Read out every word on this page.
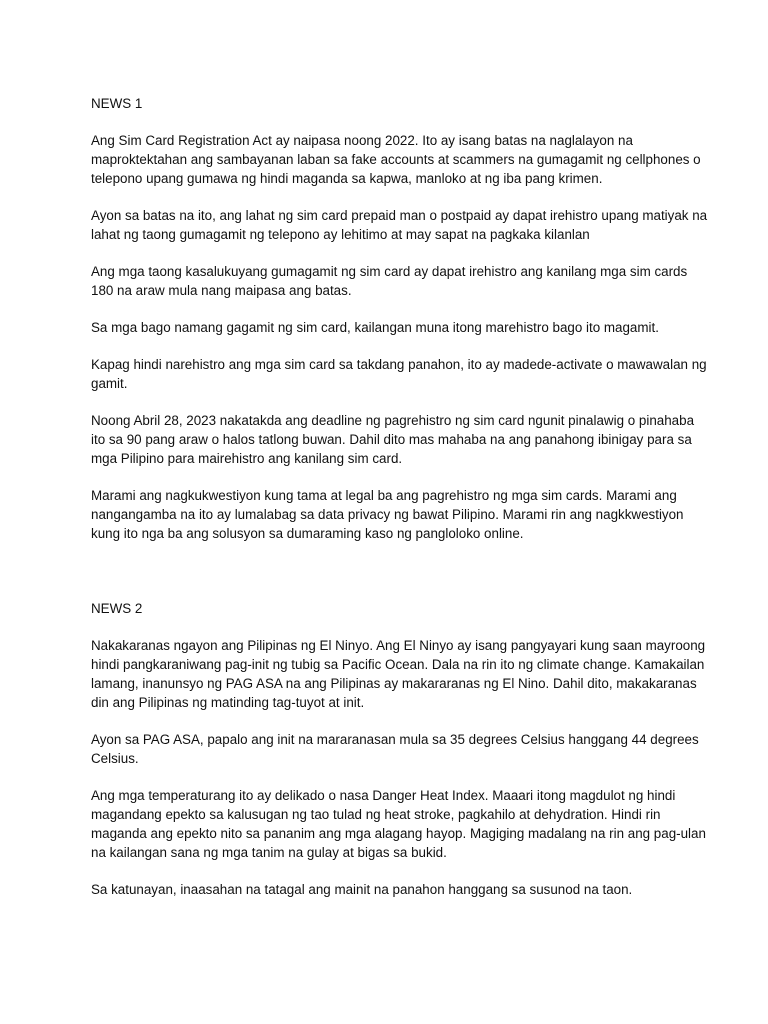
NEWS 1
Ang Sim Card Registration Act ay naipasa noong 2022. Ito ay isang batas na naglalayon na maproktektahan ang sambayanan laban sa fake accounts at scammers na gumagamit ng cellphones o telepono upang gumawa ng hindi maganda sa kapwa, manloko at ng iba pang krimen.
Ayon sa batas na ito, ang lahat ng sim card prepaid man o postpaid ay dapat irehistro upang matiyak na lahat ng taong gumagamit ng telepono ay lehitimo at may sapat na pagkaka kilanlan
Ang mga taong kasalukuyang gumagamit ng sim card ay dapat irehistro ang kanilang mga sim cards 180 na araw mula nang maipasa ang batas.
Sa mga bago namang gagamit ng sim card, kailangan muna itong marehistro bago ito magamit.
Kapag hindi narehistro ang mga sim card sa takdang panahon, ito ay madede-activate o mawawalan ng gamit.
Noong Abril 28, 2023 nakatakda ang deadline ng pagrehistro ng sim card ngunit pinalawig o pinahaba ito sa 90 pang araw o halos tatlong buwan. Dahil dito mas mahaba na ang panahong ibinigay para sa mga Pilipino para mairehistro ang kanilang sim card.
Marami ang nagkukwestiyon kung tama at legal ba ang pagrehistro ng mga sim cards. Marami ang nangangamba na ito ay lumalabag sa data privacy ng bawat Pilipino. Marami rin ang nagkkwestiyon kung ito nga ba ang solusyon sa dumaraming kaso ng pangloloko online.
NEWS 2
Nakakaranas ngayon ang Pilipinas ng El Ninyo. Ang El Ninyo ay isang pangyayari kung saan mayroong hindi pangkaraniwang pag-init ng tubig sa Pacific Ocean. Dala na rin ito ng climate change. Kamakailan lamang, inanunsyo ng PAG ASA na ang Pilipinas ay makararanas ng El Nino. Dahil dito, makakaranas din ang Pilipinas ng matinding tag-tuyot at init.
Ayon sa PAG ASA, papalo ang init na mararanasan mula sa 35 degrees Celsius hanggang 44 degrees Celsius.
Ang mga temperaturang ito ay delikado o nasa Danger Heat Index. Maaari itong magdulot ng hindi magandang epekto sa kalusugan ng tao tulad ng heat stroke, pagkahilo at dehydration. Hindi rin maganda ang epekto nito sa pananim ang mga alagang hayop. Magiging madalang na rin ang pag-ulan na kailangan sana ng mga tanim na gulay at bigas sa bukid.
Sa katunayan, inaasahan na tatagal ang mainit na panahon hanggang sa susunod na taon.
